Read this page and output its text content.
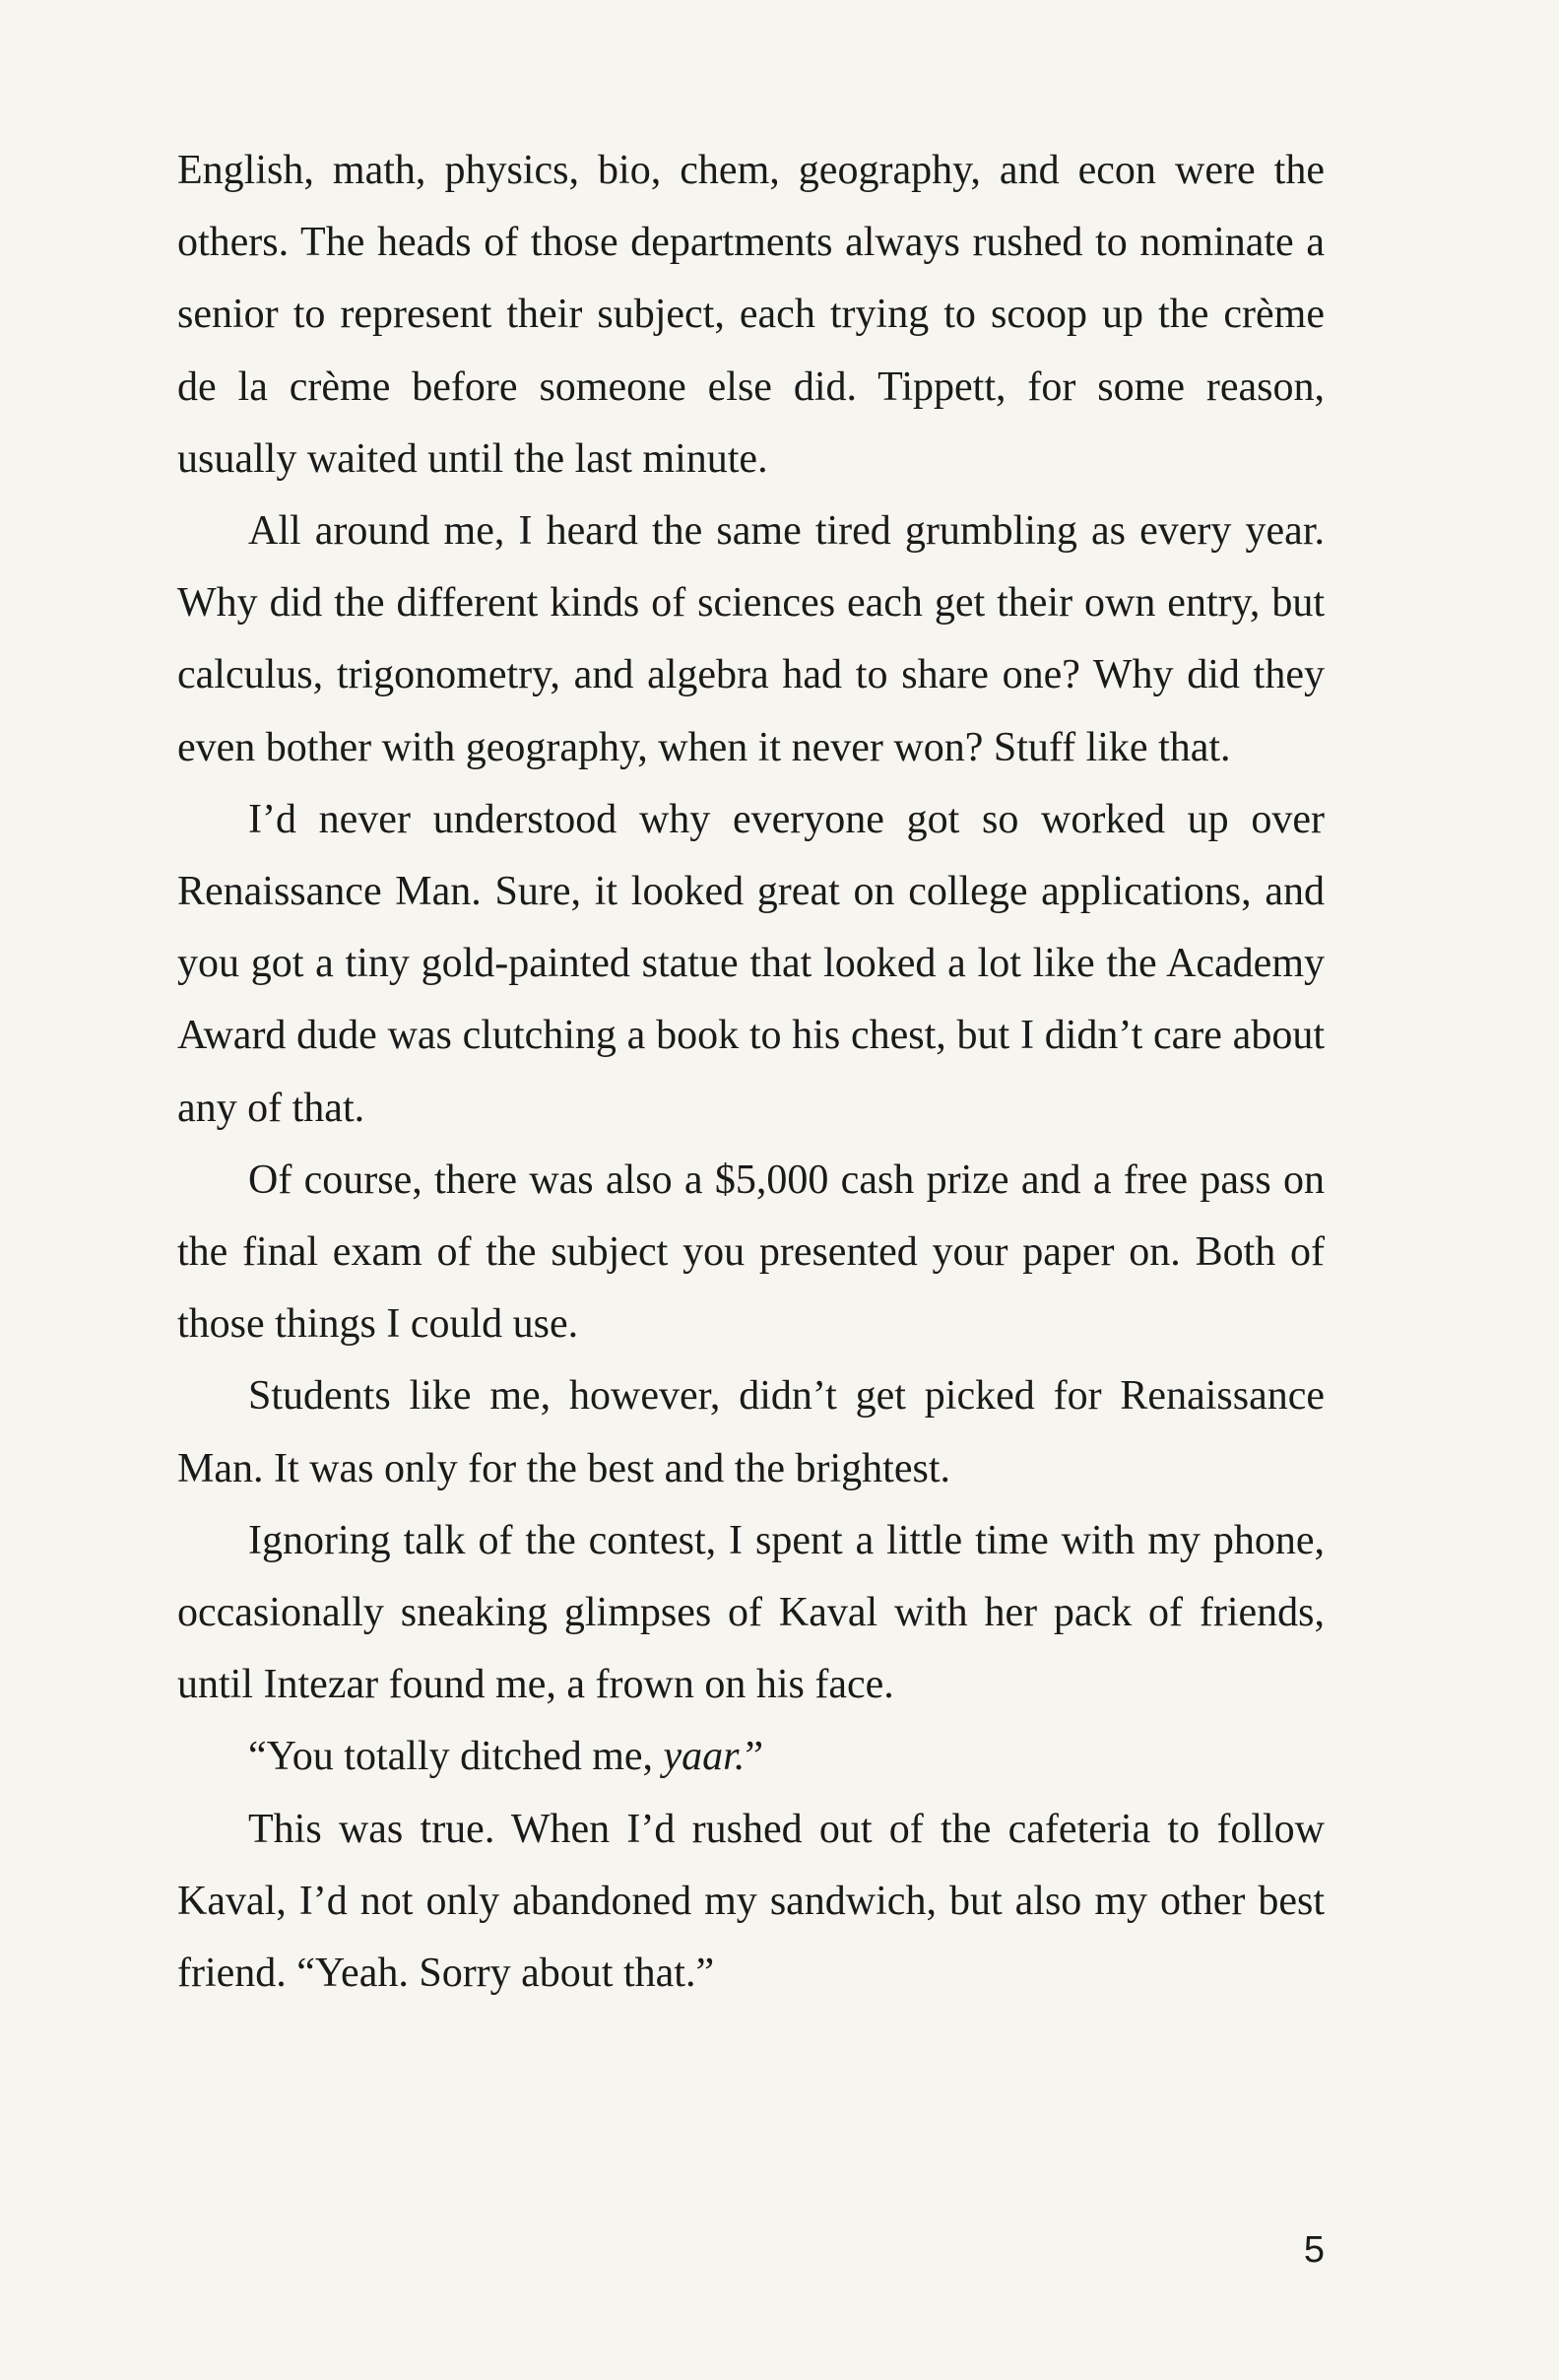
English, math, physics, bio, chem, geography, and econ were the others. The heads of those departments always rushed to nominate a senior to represent their subject, each trying to scoop up the crème de la crème before someone else did. Tippett, for some reason, usually waited until the last minute.

All around me, I heard the same tired grumbling as every year. Why did the different kinds of sciences each get their own entry, but calculus, trigonometry, and algebra had to share one? Why did they even bother with geography, when it never won? Stuff like that.

I’d never understood why everyone got so worked up over Renaissance Man. Sure, it looked great on college applications, and you got a tiny gold-painted statue that looked a lot like the Academy Award dude was clutching a book to his chest, but I didn’t care about any of that.

Of course, there was also a $5,000 cash prize and a free pass on the final exam of the subject you presented your paper on. Both of those things I could use.

Students like me, however, didn’t get picked for Renaissance Man. It was only for the best and the brightest.

Ignoring talk of the contest, I spent a little time with my phone, occasionally sneaking glimpses of Kaval with her pack of friends, until Intezar found me, a frown on his face.

“You totally ditched me, yaar.”

This was true. When I’d rushed out of the cafeteria to follow Kaval, I’d not only abandoned my sandwich, but also my other best friend. “Yeah. Sorry about that.”

5
